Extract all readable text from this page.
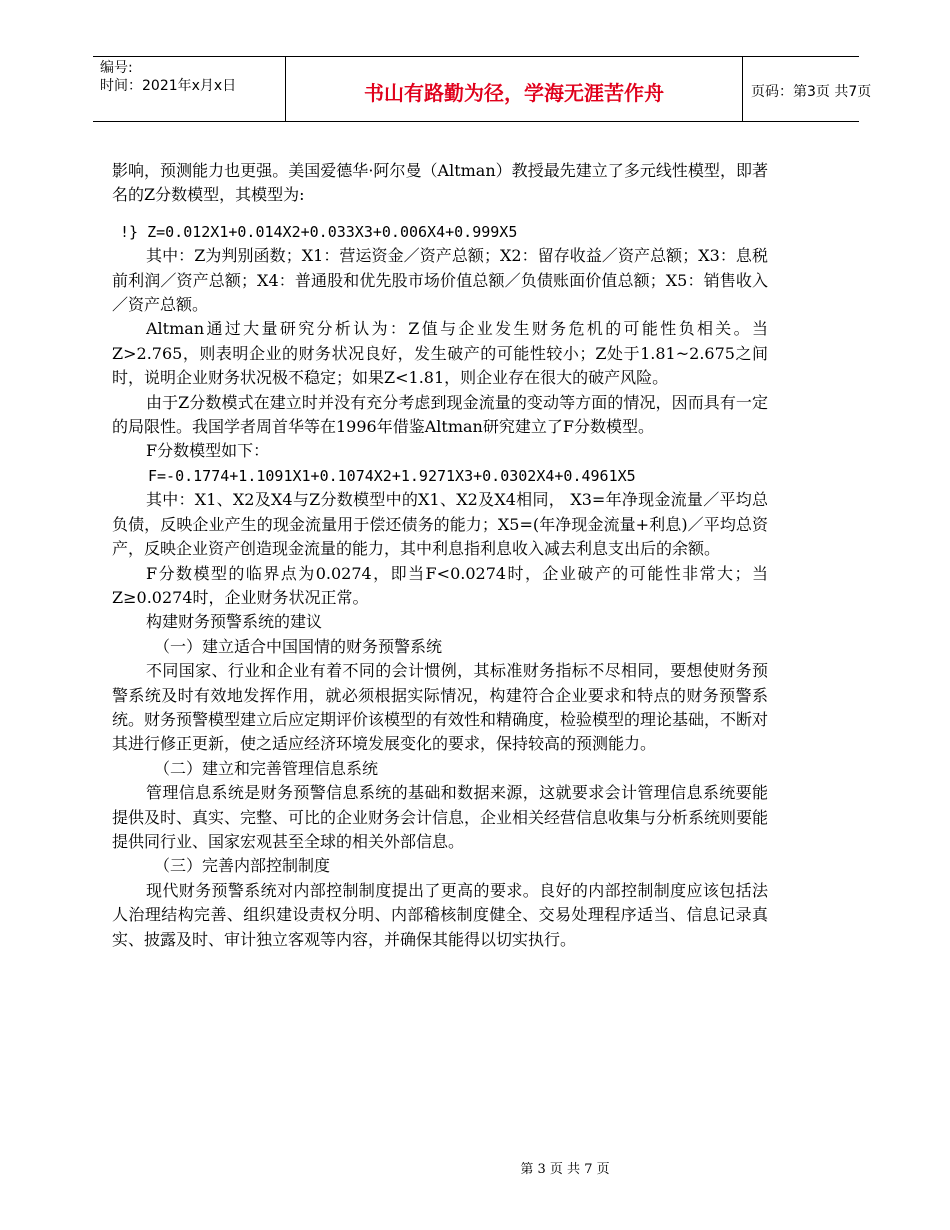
编号:
时间：2021年x月x日	书山有路勤为径，学海无涯苦作舟	页码：第3页 共7页

影响，预测能力也更强。美国爱德华·阿尔曼（Altman）教授最先建立了多元线性模型，即著名的Z分数模型，其模型为:

!} Z=0.012X1+0.014X2+0.033X3+0.006X4+0.999X5

其中：Z为判别函数；X1：营运资金／资产总额；X2：留存收益／资产总额；X3：息税前利润／资产总额；X4：普通股和优先股市场价值总额／负债账面价值总额；X5：销售收入／资产总额。

Altman通过大量研究分析认为：Z值与企业发生财务危机的可能性负相关。当Z>2.765，则表明企业的财务状况良好，发生破产的可能性较小；Z处于1.81~2.675之间时，说明企业财务状况极不稳定；如果Z<1.81，则企业存在很大的破产风险。

由于Z分数模式在建立时并没有充分考虑到现金流量的变动等方面的情况，因而具有一定的局限性。我国学者周首华等在1996年借鉴Altman研究建立了F分数模型。

F分数模型如下：

F=-0.1774+1.1091X1+0.1074X2+1.9271X3+0.0302X4+0.4961X5

其中：X1、X2及X4与Z分数模型中的X1、X2及X4相同， X3=年净现金流量／平均总负债，反映企业产生的现金流量用于偿还债务的能力；X5=(年净现金流量+利息)／平均总资产，反映企业资产创造现金流量的能力，其中利息指利息收入减去利息支出后的余额。

F分数模型的临界点为0.0274，即当F<0.0274时，企业破产的可能性非常大；当Z≥0.0274时，企业财务状况正常。

构建财务预警系统的建议

（一）建立适合中国国情的财务预警系统

不同国家、行业和企业有着不同的会计惯例，其标准财务指标不尽相同，要想使财务预警系统及时有效地发挥作用，就必须根据实际情况，构建符合企业要求和特点的财务预警系统。财务预警模型建立后应定期评价该模型的有效性和精确度，检验模型的理论基础，不断对其进行修正更新，使之适应经济环境发展变化的要求，保持较高的预测能力。

（二）建立和完善管理信息系统

管理信息系统是财务预警信息系统的基础和数据来源，这就要求会计管理信息系统要能提供及时、真实、完整、可比的企业财务会计信息，企业相关经营信息收集与分析系统则要能提供同行业、国家宏观甚至全球的相关外部信息。

（三）完善内部控制制度

现代财务预警系统对内部控制制度提出了更高的要求。良好的内部控制制度应该包括法人治理结构完善、组织建设责权分明、内部稽核制度健全、交易处理程序适当、信息记录真实、披露及时、审计独立客观等内容，并确保其能得以切实执行。

第 3 页 共 7 页
